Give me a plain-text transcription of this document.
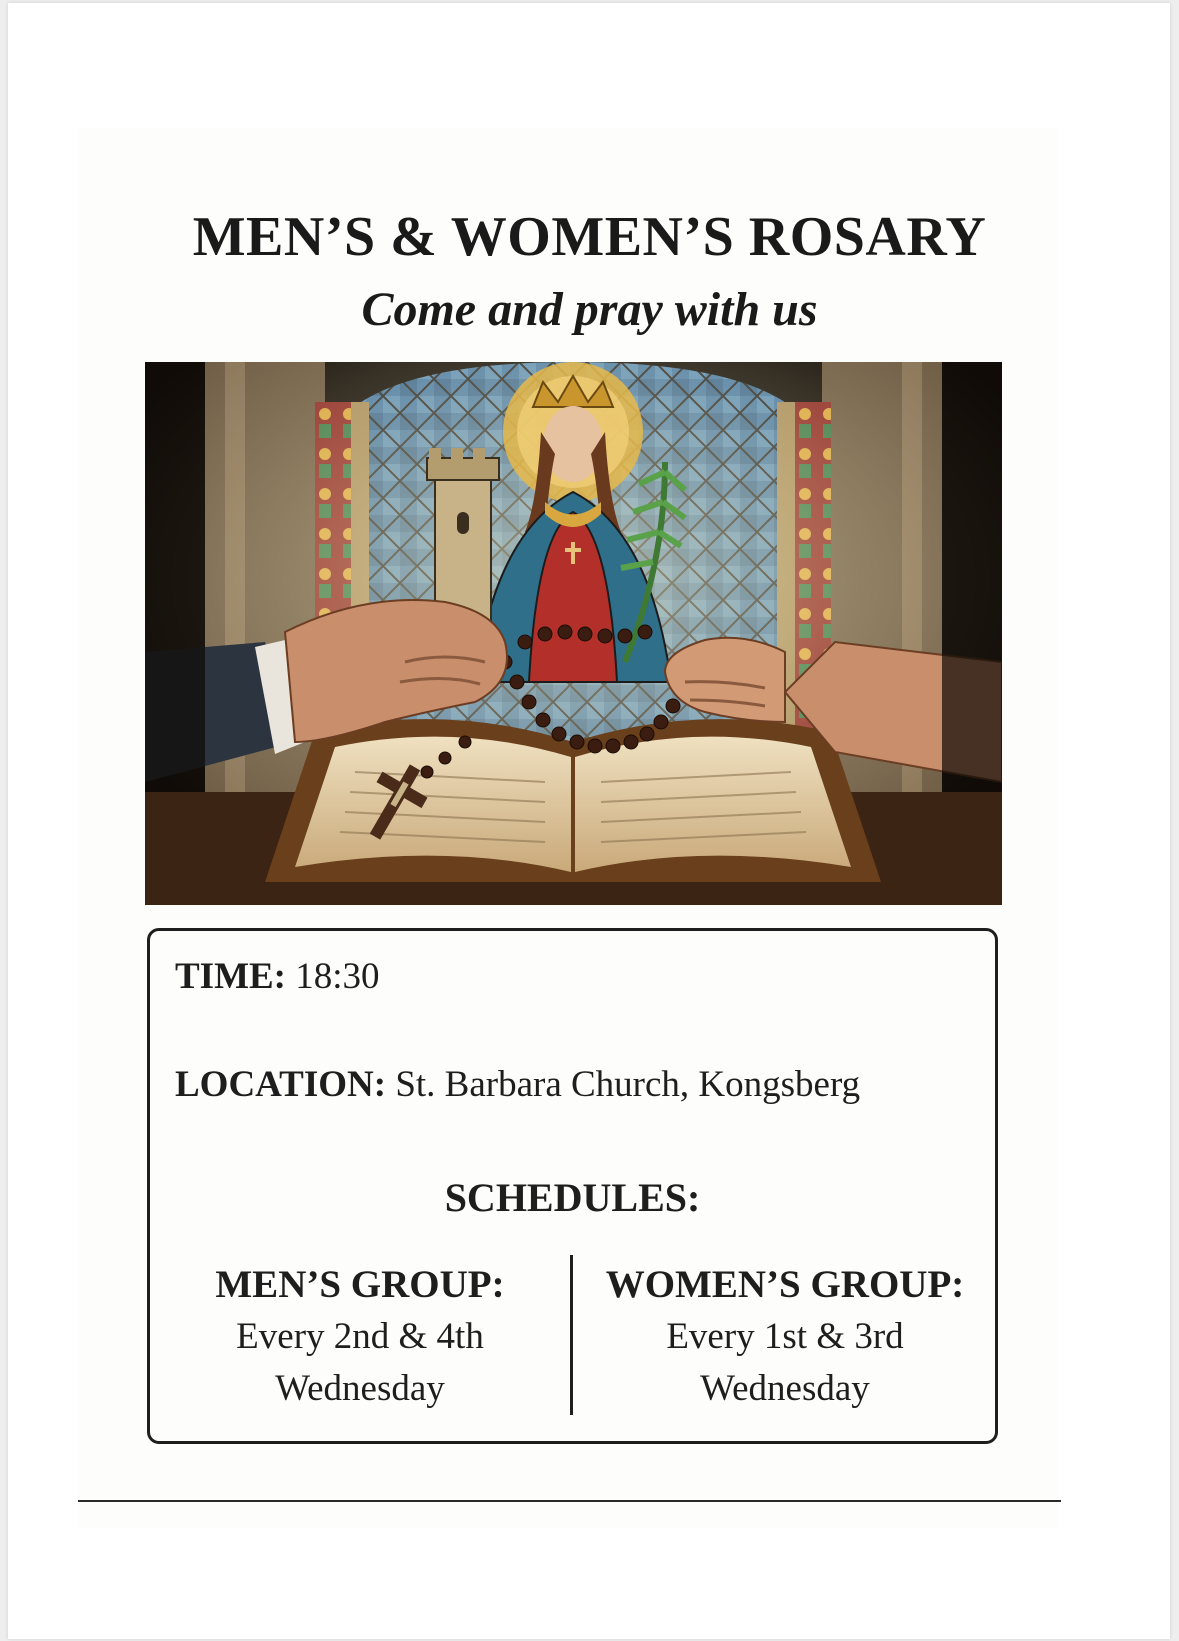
MEN’S & WOMEN’S ROSARY
Come and pray with us
TIME: 18:30
LOCATION: St. Barbara Church, Kongsberg
SCHEDULES:
MEN’S GROUP:
Every 2nd & 4th
Wednesday
WOMEN’S GROUP:
Every 1st & 3rd
Wednesday
